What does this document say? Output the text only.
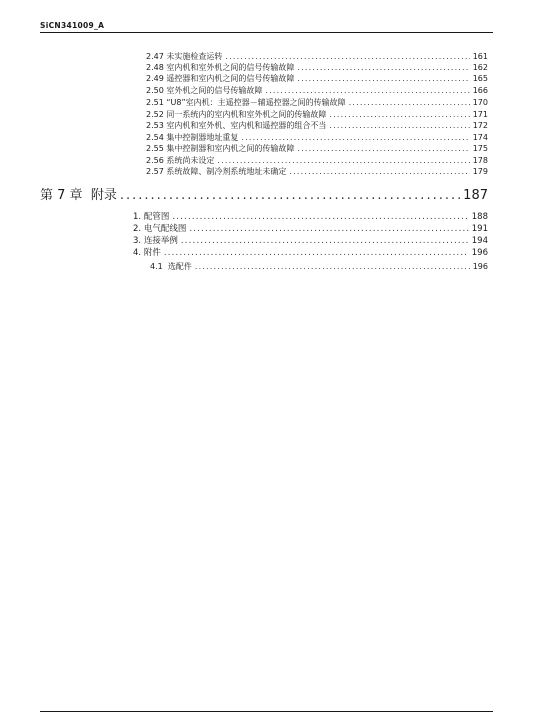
SiCN341009_A
2.47 未实施检查运转 .....	161
2.48 室内机和室外机之间的信号传输故障 .....	162
2.49 遥控器和室内机之间的信号传输故障 .....	165
2.50 室外机之间的信号传输故障 .....	166
2.51 “U8”室内机：主遥控器－辅遥控器之间的传输故障 .....	170
2.52 同一系统内的室内机和室外机之间的传输故障 .....	171
2.53 室内机和室外机、室内机和遥控器的组合不当 .....	172
2.54 集中控制器地址重复 .....	174
2.55 集中控制器和室内机之间的传输故障 .....	175
2.56 系统尚未设定 .....	178
2.57 系统故障、制冷剂系统地址未确定 .....	179
第 7 章 附录 .....	187
1. 配管图 .....	188
2. 电气配线图 .....	191
3. 连接举例 .....	194
4. 附件 .....	196
4.1 选配件 .....	196
